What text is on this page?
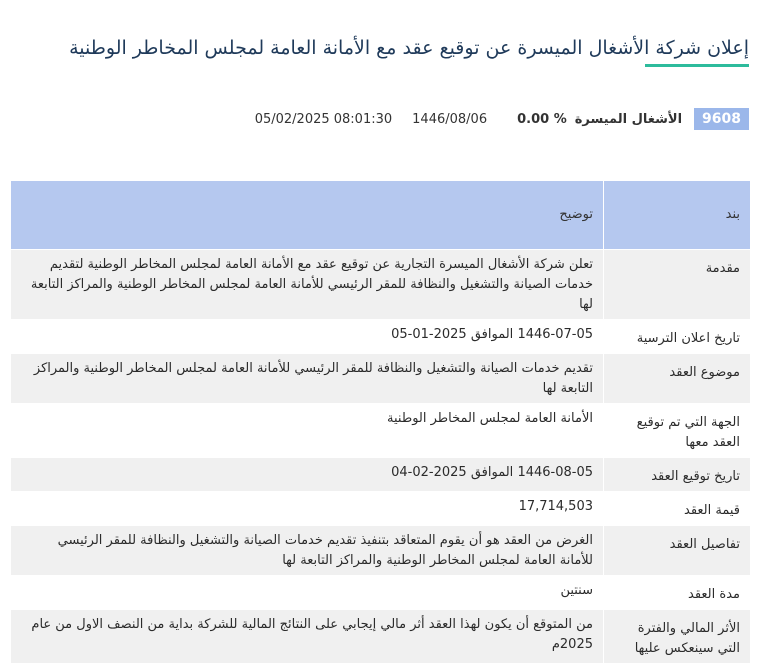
إعلان شركة الأشغال الميسرة عن توقيع عقد مع الأمانة العامة لمجلس المخاطر الوطنية
9608
الأشغال الميسرة
0.00 %
1446/08/06
05/02/2025 08:01:30
بند	توضيح
مقدمة	تعلن شركة الأشغال الميسرة التجارية عن توقيع عقد مع الأمانة العامة لمجلس المخاطر الوطنية لتقديم خدمات الصيانة والتشغيل والنظافة للمقر الرئيسي للأمانة العامة لمجلس المخاطر الوطنية والمراكز التابعة لها
تاريخ اعلان الترسية	1446-07-05 الموافق 2025-01-05
موضوع العقد	تقديم خدمات الصيانة والتشغيل والنظافة للمقر الرئيسي للأمانة العامة لمجلس المخاطر الوطنية والمراكز التابعة لها
الجهة التي تم توقيع العقد معها	الأمانة العامة لمجلس المخاطر الوطنية
تاريخ توقيع العقد	1446-08-05 الموافق 2025-02-04
قيمة العقد	17,714,503
تفاصيل العقد	الغرض من العقد هو أن يقوم المتعاقد بتنفيذ تقديم خدمات الصيانة والتشغيل والنظافة للمقر الرئيسي للأمانة العامة لمجلس المخاطر الوطنية والمراكز التابعة لها
مدة العقد	سنتين
الأثر المالي والفترة التي سينعكس عليها	من المتوقع أن يكون لهذا العقد أثر مالي إيجابي على النتائج المالية للشركة بداية من النصف الاول من عام 2025م
